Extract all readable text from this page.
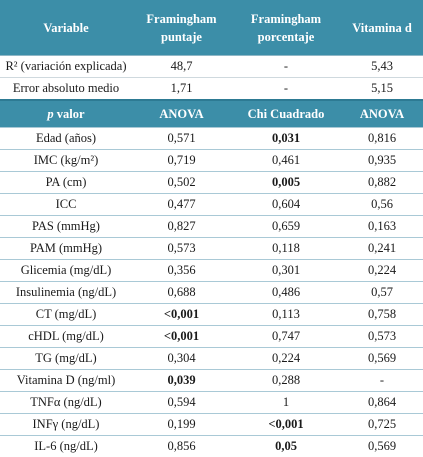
Variable	Framingham puntaje	Framingham porcentaje	Vitamina d
R² (variación explicada)	48,7	-	5,43
Error absoluto medio	1,71	-	5,15
p valor	ANOVA	Chi Cuadrado	ANOVA
Edad (años)	0,571	0,031	0,816
IMC (kg/m²)	0,719	0,461	0,935
PA (cm)	0,502	0,005	0,882
ICC	0,477	0,604	0,56
PAS (mmHg)	0,827	0,659	0,163
PAM (mmHg)	0,573	0,118	0,241
Glicemia (mg/dL)	0,356	0,301	0,224
Insulinemia (ng/dL)	0,688	0,486	0,57
CT (mg/dL)	<0,001	0,113	0,758
cHDL (mg/dL)	<0,001	0,747	0,573
TG (mg/dL)	0,304	0,224	0,569
Vitamina D (ng/ml)	0,039	0,288	-
TNFα (ng/dL)	0,594	1	0,864
INFγ (ng/dL)	0,199	<0,001	0,725
IL-6 (ng/dL)	0,856	0,05	0,569
